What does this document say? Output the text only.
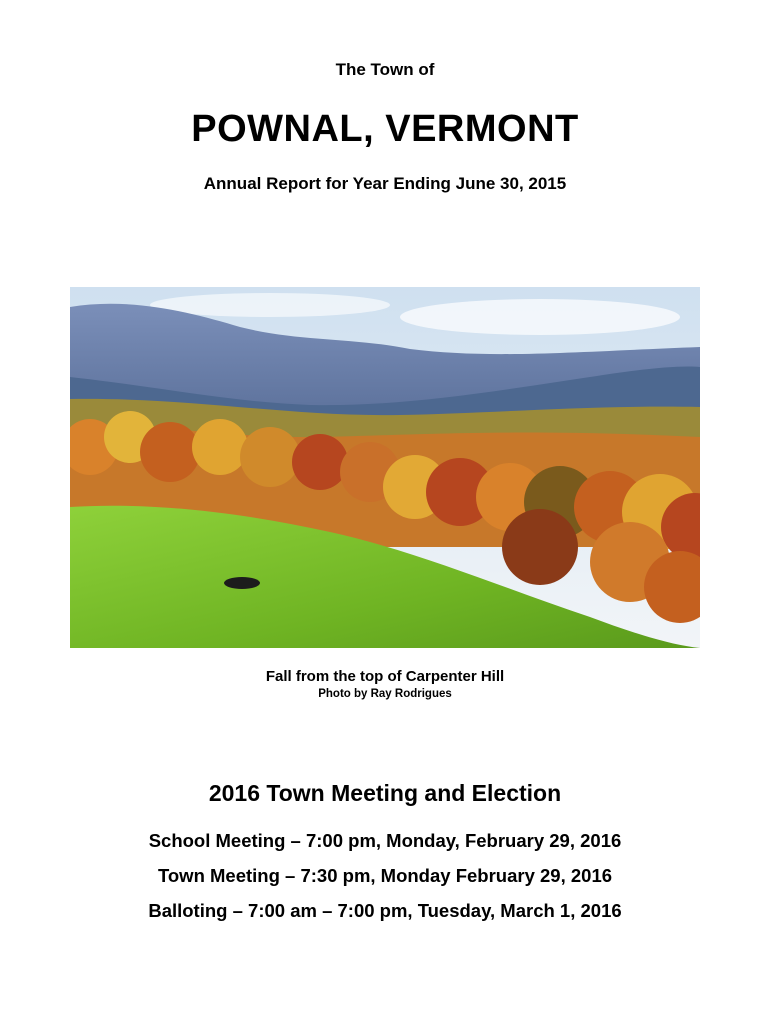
The Town of
POWNAL, VERMONT
Annual Report for Year Ending June 30, 2015
Fall from the top of Carpenter Hill
Photo by Ray Rodrigues
2016 Town Meeting and Election
School Meeting – 7:00 pm, Monday, February 29, 2016
Town Meeting – 7:30 pm, Monday February 29, 2016
Balloting – 7:00 am – 7:00 pm, Tuesday, March 1, 2016
